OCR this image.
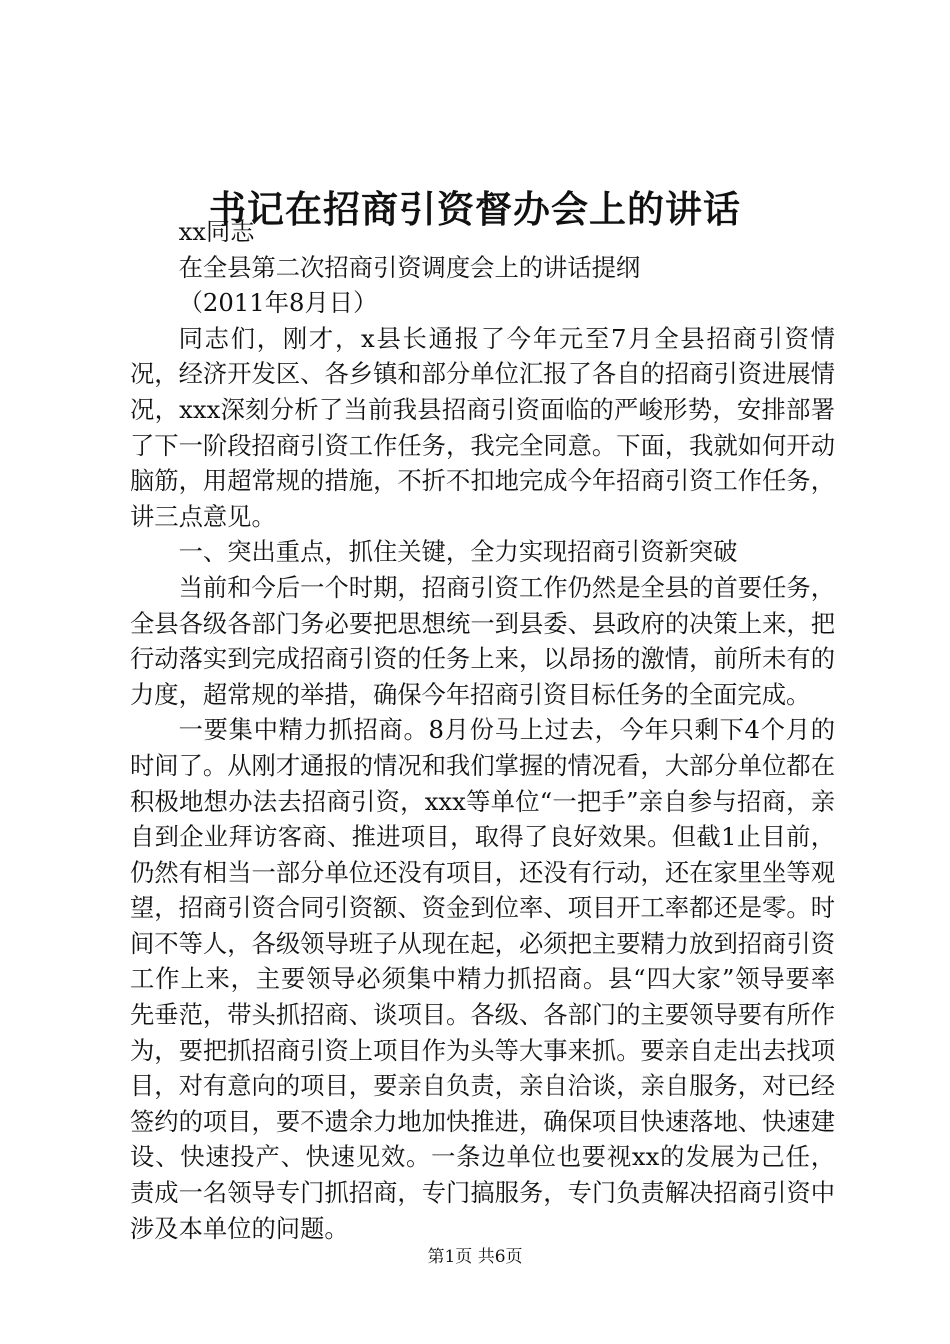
书记在招商引资督办会上的讲话

xx同志

在全县第二次招商引资调度会上的讲话提纲

（2011年8月日）

同志们，刚才，x县长通报了今年元至7月全县招商引资情况，经济开发区、各乡镇和部分单位汇报了各自的招商引资进展情况，xxx深刻分析了当前我县招商引资面临的严峻形势，安排部署了下一阶段招商引资工作任务，我完全同意。下面，我就如何开动脑筋，用超常规的措施，不折不扣地完成今年招商引资工作任务，讲三点意见。

一、突出重点，抓住关键，全力实现招商引资新突破

当前和今后一个时期，招商引资工作仍然是全县的首要任务，全县各级各部门务必要把思想统一到县委、县政府的决策上来，把行动落实到完成招商引资的任务上来，以昂扬的激情，前所未有的力度，超常规的举措，确保今年招商引资目标任务的全面完成。

一要集中精力抓招商。8月份马上过去，今年只剩下4个月的时间了。从刚才通报的情况和我们掌握的情况看，大部分单位都在积极地想办法去招商引资，xxx等单位“一把手”亲自参与招商，亲自到企业拜访客商、推进项目，取得了良好效果。但截1止目前，仍然有相当一部分单位还没有项目，还没有行动，还在家里坐等观望，招商引资合同引资额、资金到位率、项目开工率都还是零。时间不等人，各级领导班子从现在起，必须把主要精力放到招商引资工作上来，主要领导必须集中精力抓招商。县“四大家”领导要率先垂范，带头抓招商、谈项目。各级、各部门的主要领导要有所作为，要把抓招商引资上项目作为头等大事来抓。要亲自走出去找项目，对有意向的项目，要亲自负责，亲自洽谈，亲自服务，对已经签约的项目，要不遗余力地加快推进，确保项目快速落地、快速建设、快速投产、快速见效。一条边单位也要视xx的发展为己任，责成一名领导专门抓招商，专门搞服务，专门负责解决招商引资中涉及本单位的问题。

第1页 共6页
